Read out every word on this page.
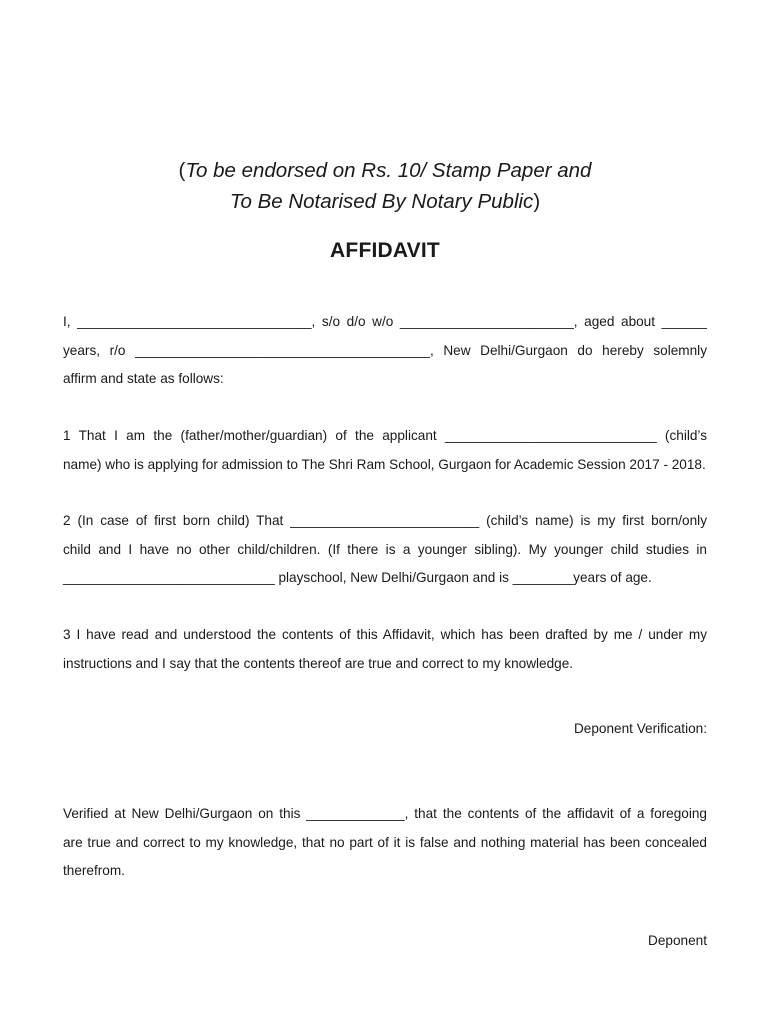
(To be endorsed on Rs. 10/ Stamp Paper and
To Be Notarised By Notary Public)
AFFIDAVIT

I, _______________________________, s/o d/o w/o _______________________, aged about ______
years, r/o _______________________________________, New Delhi/Gurgaon do hereby solemnly
affirm and state as follows:

1 That I am the (father/mother/guardian) of the applicant ____________________________ (child’s
name) who is applying for admission to The Shri Ram School, Gurgaon for Academic Session 2017 - 2018.

2 (In case of first born child) That _________________________ (child’s name) is my first born/only
child and I have no other child/children. (If there is a younger sibling). My younger child studies in
____________________________ playschool, New Delhi/Gurgaon and is ________years of age.

3 I have read and understood the contents of this Affidavit, which has been drafted by me / under my
instructions and I say that the contents thereof are true and correct to my knowledge.

Deponent Verification:

Verified at New Delhi/Gurgaon on this _____________, that the contents of the affidavit of a foregoing
are true and correct to my knowledge, that no part of it is false and nothing material has been concealed
therefrom.

Deponent
